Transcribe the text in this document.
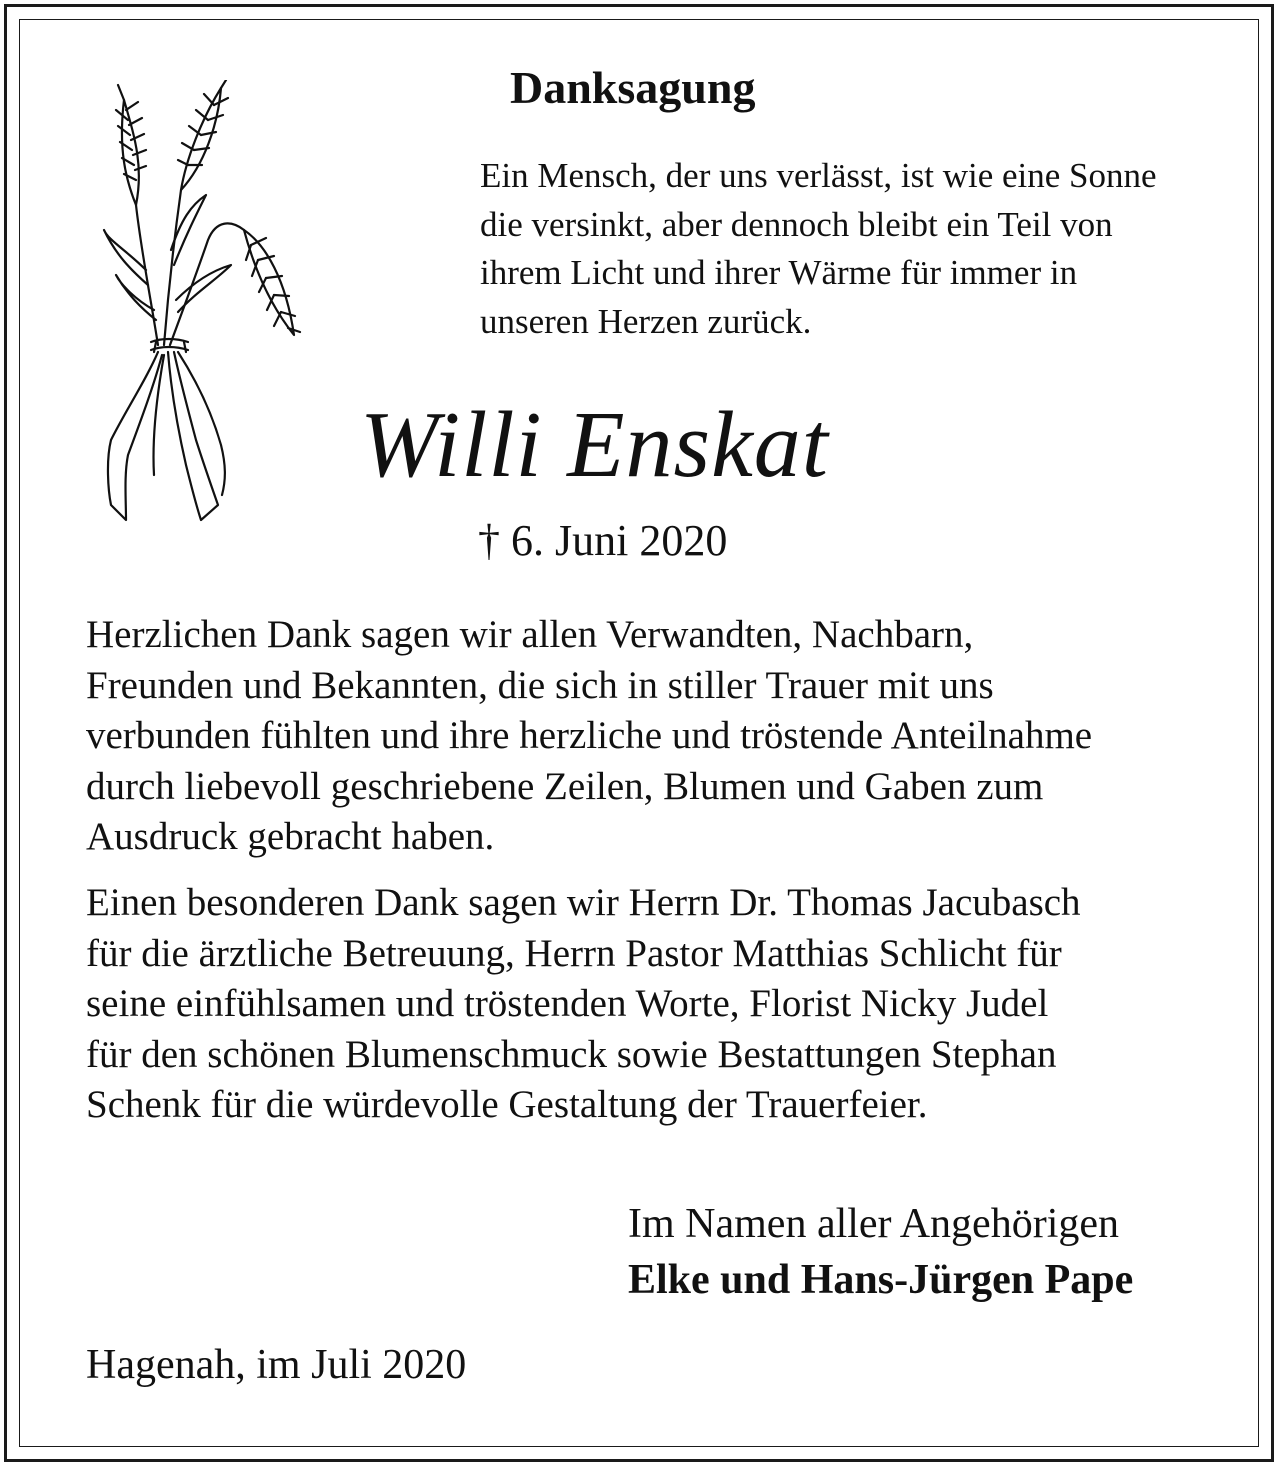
Danksagung
Ein Mensch, der uns verlässt, ist wie eine Sonne
die versinkt, aber dennoch bleibt ein Teil von
ihrem Licht und ihrer Wärme für immer in
unseren Herzen zurück.
Willi Enskat
† 6. Juni 2020
Herzlichen Dank sagen wir allen Verwandten, Nachbarn,
Freunden und Bekannten, die sich in stiller Trauer mit uns
verbunden fühlten und ihre herzliche und tröstende Anteilnahme
durch liebevoll geschriebene Zeilen, Blumen und Gaben zum
Ausdruck gebracht haben.
Einen besonderen Dank sagen wir Herrn Dr. Thomas Jacubasch
für die ärztliche Betreuung, Herrn Pastor Matthias Schlicht für
seine einfühlsamen und tröstenden Worte, Florist Nicky Judel
für den schönen Blumenschmuck sowie Bestattungen Stephan
Schenk für die würdevolle Gestaltung der Trauerfeier.
Im Namen aller Angehörigen
Elke und Hans-Jürgen Pape
Hagenah, im Juli 2020
